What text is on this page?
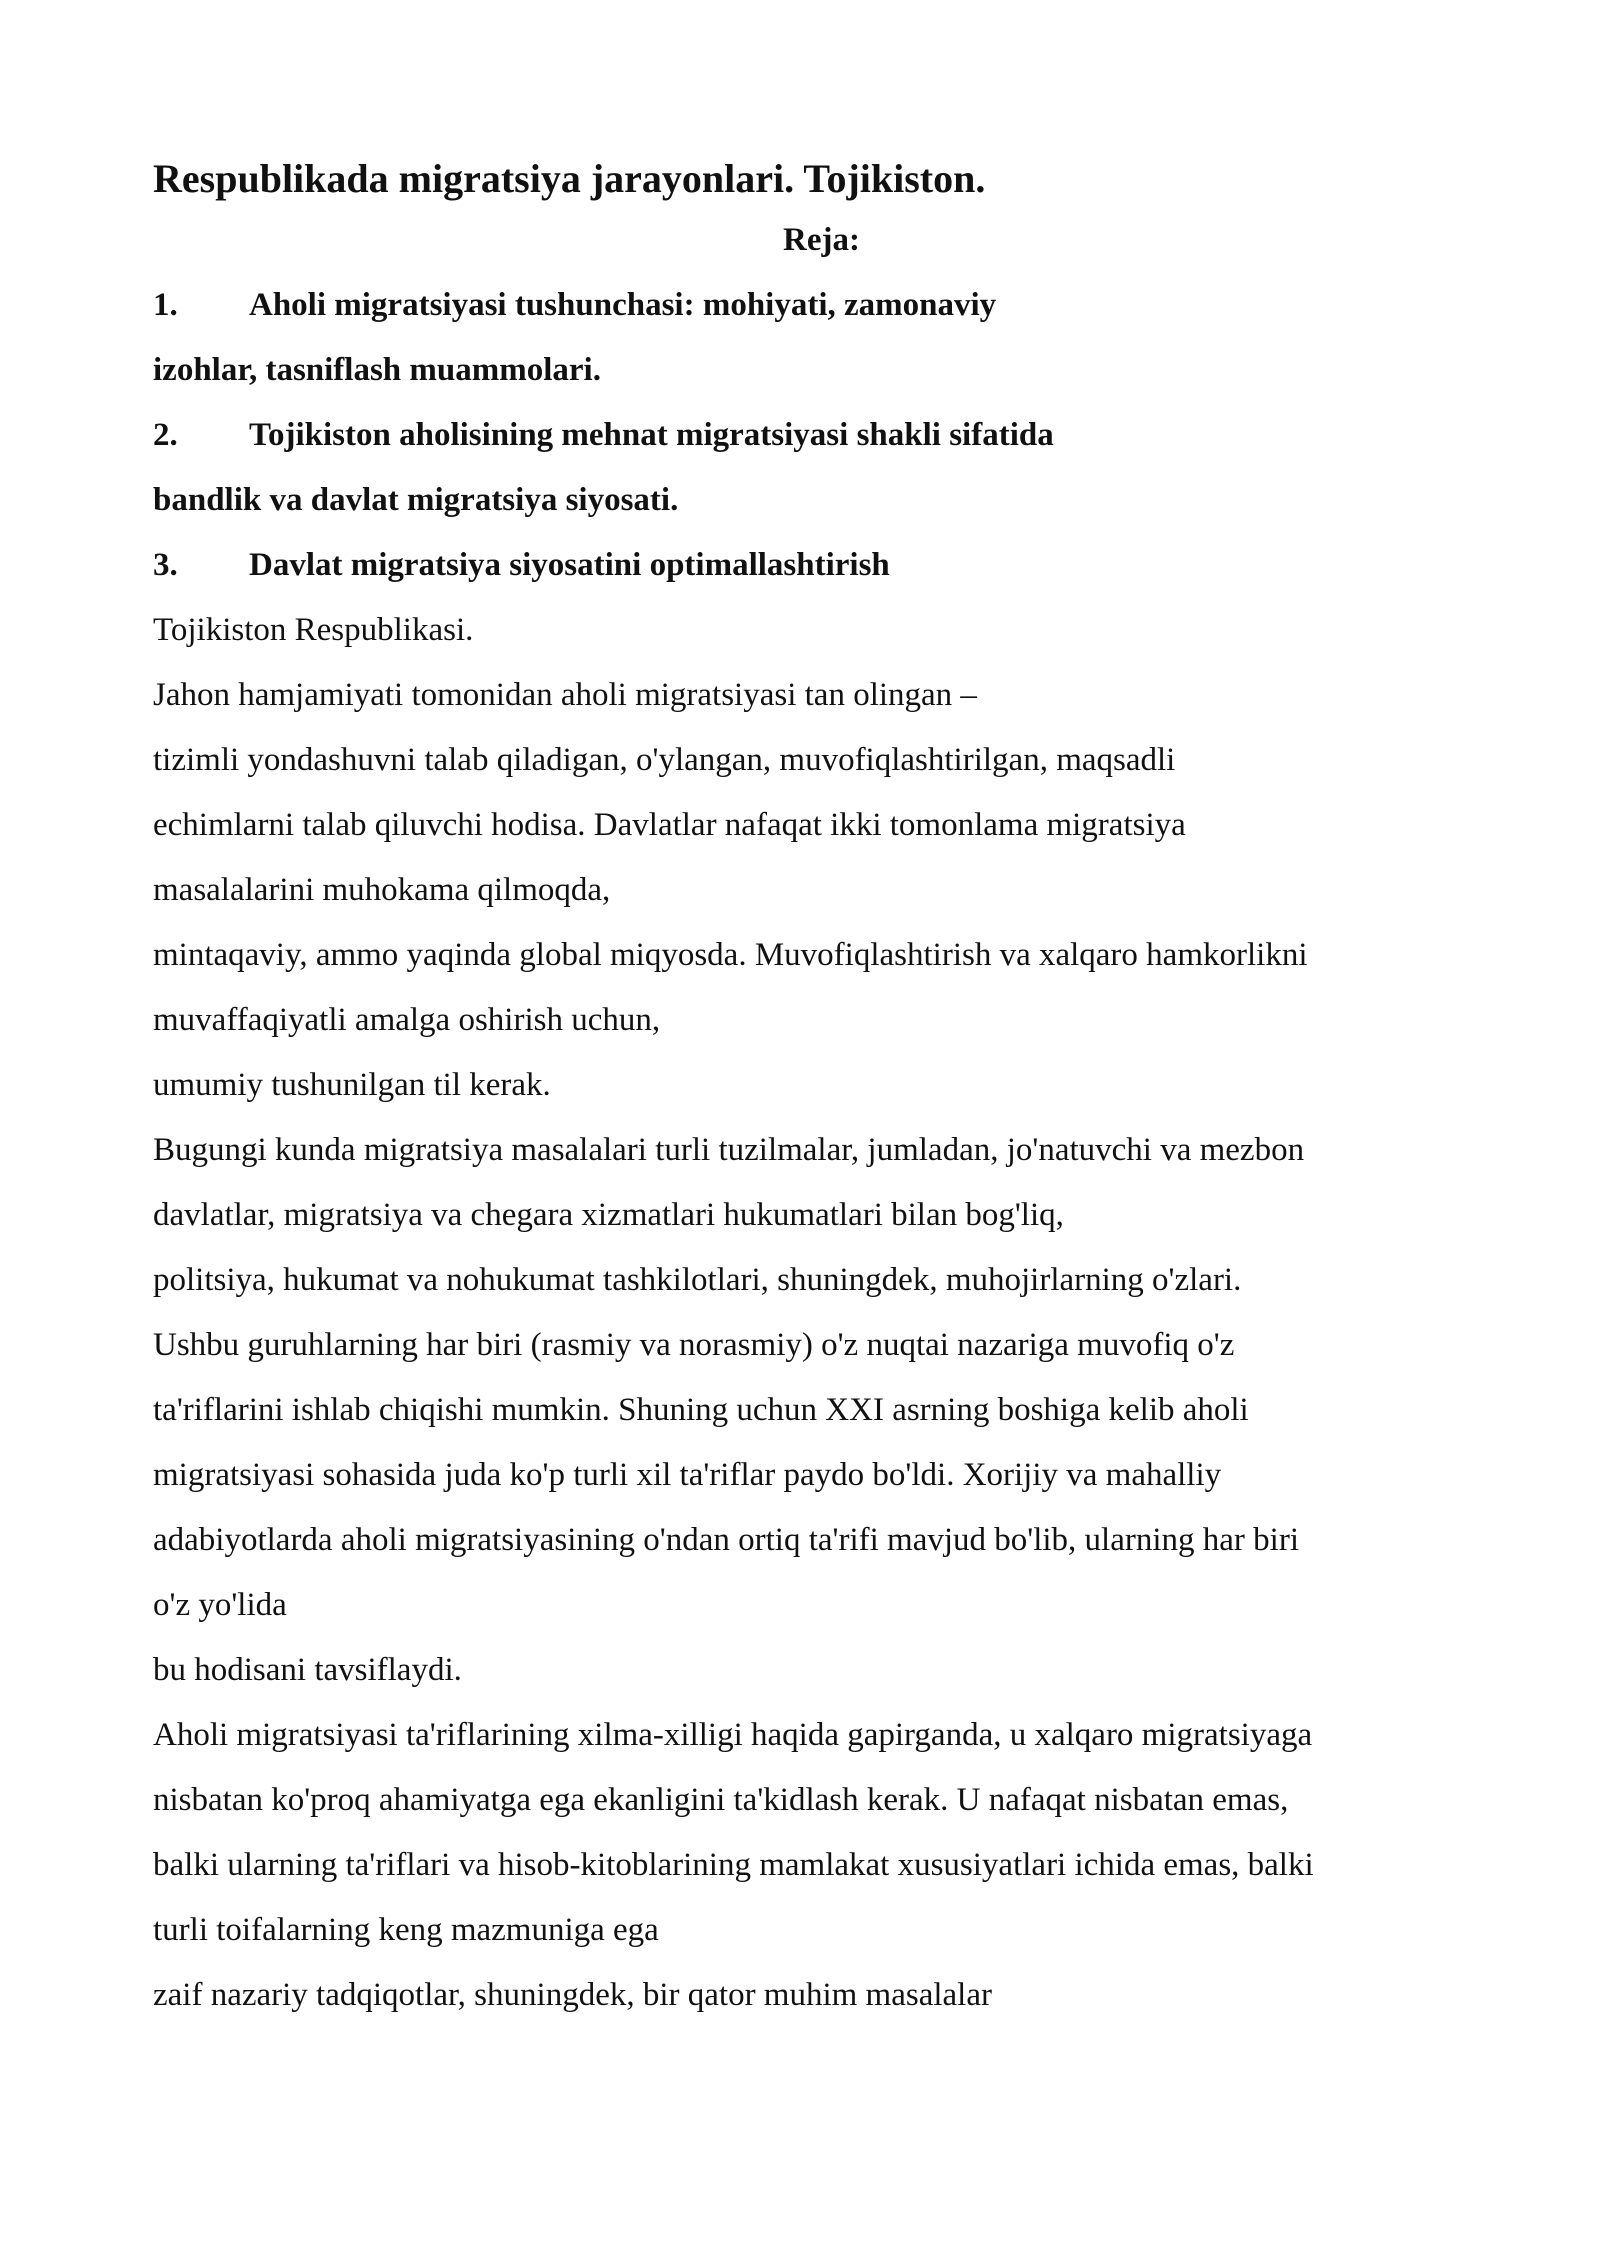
Respublikada migratsiya jarayonlari. Tojikiston.
Reja:
1. Aholi migratsiyasi tushunchasi: mohiyati, zamonaviy
izohlar, tasniflash muammolari.
2. Tojikiston aholisining mehnat migratsiyasi shakli sifatida
bandlik va davlat migratsiya siyosati.
3. Davlat migratsiya siyosatini optimallashtirish
Tojikiston Respublikasi.
Jahon hamjamiyati tomonidan aholi migratsiyasi tan olingan –
tizimli yondashuvni talab qiladigan, o'ylangan, muvofiqlashtirilgan, maqsadli
echimlarni talab qiluvchi hodisa. Davlatlar nafaqat ikki tomonlama migratsiya
masalalarini muhokama qilmoqda,
mintaqaviy, ammo yaqinda global miqyosda. Muvofiqlashtirish va xalqaro hamkorlikni
muvaffaqiyatli amalga oshirish uchun,
umumiy tushunilgan til kerak.
Bugungi kunda migratsiya masalalari turli tuzilmalar, jumladan, jo'natuvchi va mezbon
davlatlar, migratsiya va chegara xizmatlari hukumatlari bilan bog'liq,
politsiya, hukumat va nohukumat tashkilotlari, shuningdek, muhojirlarning o'zlari.
Ushbu guruhlarning har biri (rasmiy va norasmiy) o'z nuqtai nazariga muvofiq o'z
ta'riflarini ishlab chiqishi mumkin. Shuning uchun XXI asrning boshiga kelib aholi
migratsiyasi sohasida juda ko'p turli xil ta'riflar paydo bo'ldi. Xorijiy va mahalliy
adabiyotlarda aholi migratsiyasining o'ndan ortiq ta'rifi mavjud bo'lib, ularning har biri
o'z yo'lida
bu hodisani tavsiflaydi.
Aholi migratsiyasi ta'riflarining xilma-xilligi haqida gapirganda, u xalqaro migratsiyaga
nisbatan ko'proq ahamiyatga ega ekanligini ta'kidlash kerak. U nafaqat nisbatan emas,
balki ularning ta'riflari va hisob-kitoblarining mamlakat xususiyatlari ichida emas, balki
turli toifalarning keng mazmuniga ega
zaif nazariy tadqiqotlar, shuningdek, bir qator muhim masalalar
